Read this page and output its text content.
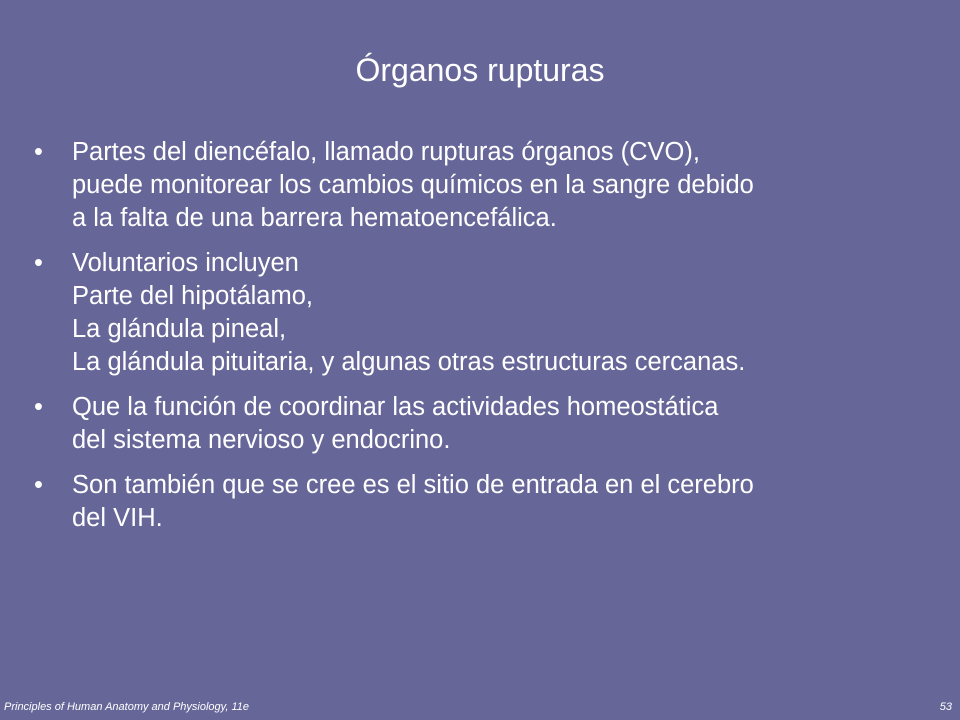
Órganos rupturas
•	Partes del diencéfalo, llamado rupturas órganos (CVO),
puede monitorear los cambios químicos en la sangre debido
a la falta de una barrera hematoencefálica.
•	Voluntarios incluyen
Parte del hipotálamo,
La glándula pineal,
La glándula pituitaria, y algunas otras estructuras cercanas.
•	Que la función de coordinar las actividades homeostática
del sistema nervioso y endocrino.
•	Son también que se cree es el sitio de entrada en el cerebro
del VIH.
Principles of Human Anatomy and Physiology, 11e	53
